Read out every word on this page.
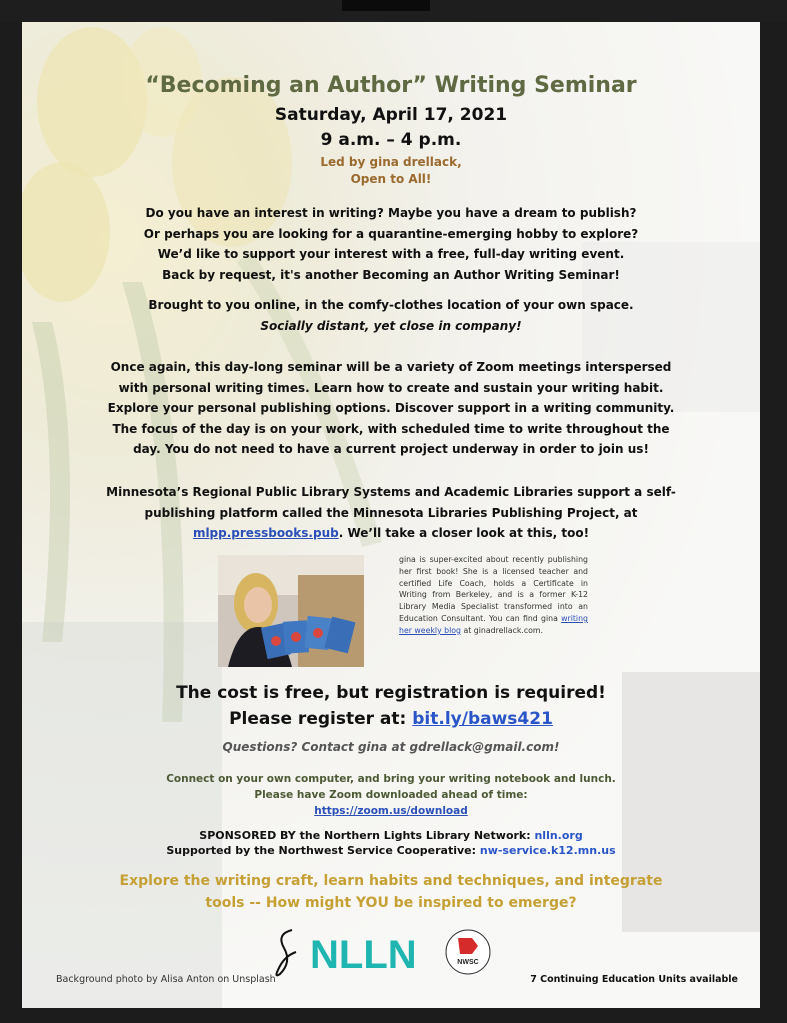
“Becoming an Author” Writing Seminar
Saturday, April 17, 2021
9 a.m. – 4 p.m.
Led by gina drellack,
Open to All!
Do you have an interest in writing? Maybe you have a dream to publish?
Or perhaps you are looking for a quarantine-emerging hobby to explore?
We’d like to support your interest with a free, full-day writing event.
Back by request, it's another Becoming an Author Writing Seminar!
Brought to you online, in the comfy-clothes location of your own space.
Socially distant, yet close in company!
Once again, this day-long seminar will be a variety of Zoom meetings interspersed
with personal writing times. Learn how to create and sustain your writing habit.
Explore your personal publishing options. Discover support in a writing community.
The focus of the day is on your work, with scheduled time to write throughout the
day. You do not need to have a current project underway in order to join us!
Minnesota’s Regional Public Library Systems and Academic Libraries support a self-
publishing platform called the Minnesota Libraries Publishing Project, at
mlpp.pressbooks.pub. We’ll take a closer look at this, too!
gina is super-excited about recently publishing her first book! She is a licensed teacher and certified Life Coach, holds a Certificate in Writing from Berkeley, and is a former K-12 Library Media Specialist transformed into an Education Consultant. You can find gina writing her weekly blog at ginadrellack.com.
The cost is free, but registration is required!
Please register at: bit.ly/baws421
Questions? Contact gina at gdrellack@gmail.com!
Connect on your own computer, and bring your writing notebook and lunch.
Please have Zoom downloaded ahead of time:
https://zoom.us/download
SPONSORED BY the Northern Lights Library Network: nlln.org
Supported by the Northwest Service Cooperative: nw-service.k12.mn.us
Explore the writing craft, learn habits and techniques, and integrate
tools -- How might YOU be inspired to emerge?
NLLN	NWSC
Background photo by Alisa Anton on Unsplash	7 Continuing Education Units available
